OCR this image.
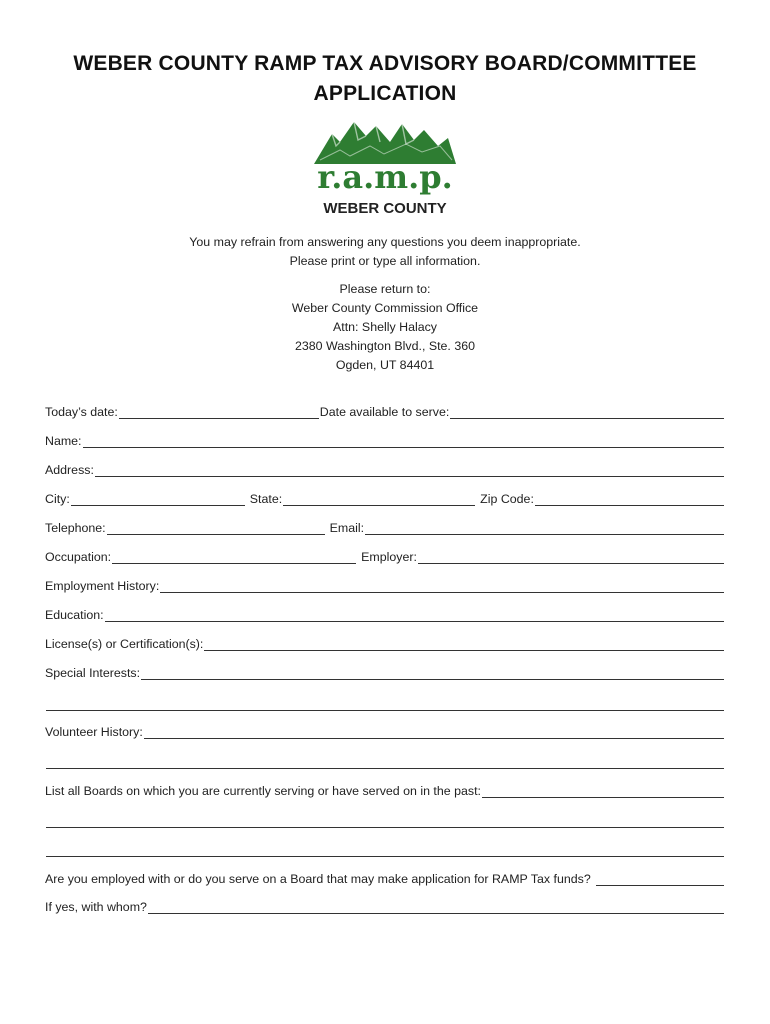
WEBER COUNTY RAMP TAX ADVISORY BOARD/COMMITTEE
APPLICATION
r.a.m.p.
WEBER COUNTY
You may refrain from answering any questions you deem inappropriate.
Please print or type all information.
Please return to:
Weber County Commission Office
Attn: Shelly Halacy
2380 Washington Blvd., Ste. 360
Ogden, UT 84401
Today’s date:	Date available to serve:
Name:
Address:
City:	State:	Zip Code:
Telephone:	Email:
Occupation:	Employer:
Employment History:
Education:
License(s) or Certification(s):
Special Interests:
Volunteer History:
List all Boards on which you are currently serving or have served on in the past:
Are you employed with or do you serve on a Board that may make application for RAMP Tax funds?
If yes, with whom?
